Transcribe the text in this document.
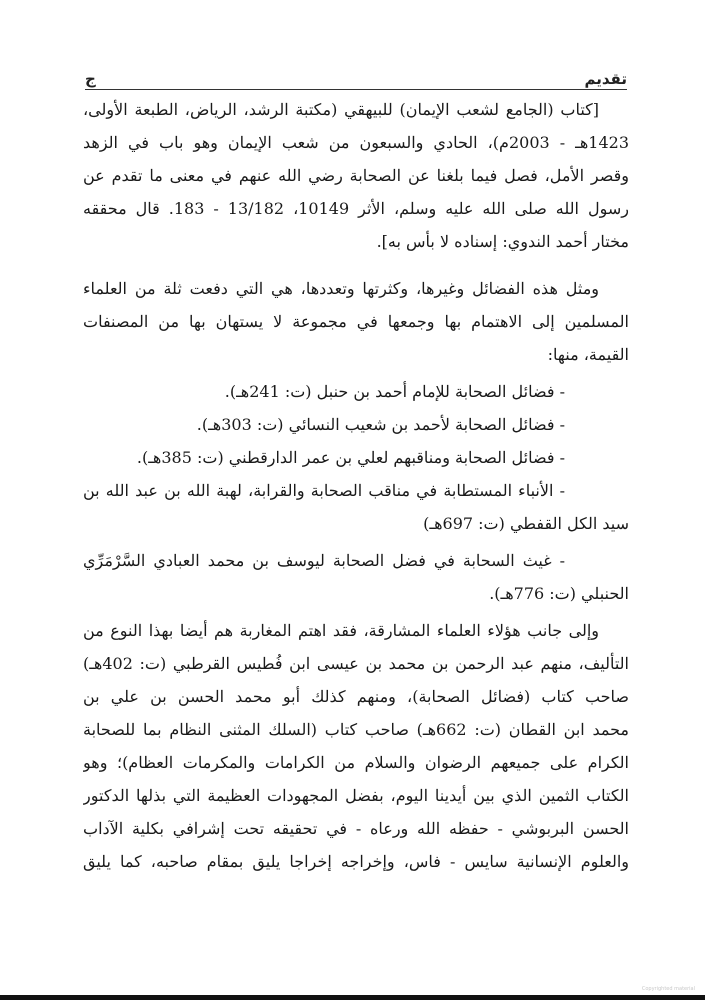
تقديم
ج
[كتاب (الجامع لشعب الإيمان) للبيهقي (مكتبة الرشد، الرياض، الطبعة الأولى،
1423هـ - 2003م)، الحادي والسبعون من شعب الإيمان وهو باب في الزهد
وقصر الأمل، فصل فيما بلغنا عن الصحابة رضي الله عنهم في معنى ما تقدم عن
رسول الله صلى الله عليه وسلم، الأثر 10149، 13/182 - 183. قال محققه
مختار أحمد الندوي: إسناده لا بأس به].
ومثل هذه الفضائل وغيرها، وكثرتها وتعددها، هي التي دفعت ثلة من العلماء
المسلمين إلى الاهتمام بها وجمعها في مجموعة لا يستهان بها من المصنفات
القيمة، منها:
- فضائل الصحابة للإمام أحمد بن حنبل (ت: 241هـ).
- فضائل الصحابة لأحمد بن شعيب النسائي (ت: 303هـ).
- فضائل الصحابة ومناقبهم لعلي بن عمر الدارقطني (ت: 385هـ).
- الأنباء المستطابة في مناقب الصحابة والقرابة، لهبة الله بن عبد الله بن
سيد الكل القفطي (ت: 697هـ)
- غيث السحابة في فضل الصحابة ليوسف بن محمد العبادي السَّرْمَرِّي
الحنبلي (ت: 776هـ).
وإلى جانب هؤلاء العلماء المشارقة، فقد اهتم المغاربة هم أيضا بهذا النوع من
التأليف، منهم عبد الرحمن بن محمد بن عيسى ابن فُطيس القرطبي (ت: 402هـ)
صاحب كتاب (فضائل الصحابة)، ومنهم كذلك أبو محمد الحسن بن علي بن
محمد ابن القطان (ت: 662هـ) صاحب كتاب (السلك المثنى النظام بما للصحابة
الكرام على جميعهم الرضوان والسلام من الكرامات والمكرمات العظام)؛ وهو
الكتاب الثمين الذي بين أيدينا اليوم، بفضل المجهودات العظيمة التي بذلها الدكتور
الحسن البربوشي - حفظه الله ورعاه - في تحقيقه تحت إشرافي بكلية الآداب
والعلوم الإنسانية سايس - فاس، وإخراجه إخراجا يليق بمقام صاحبه، كما يليق
Copyrighted material
